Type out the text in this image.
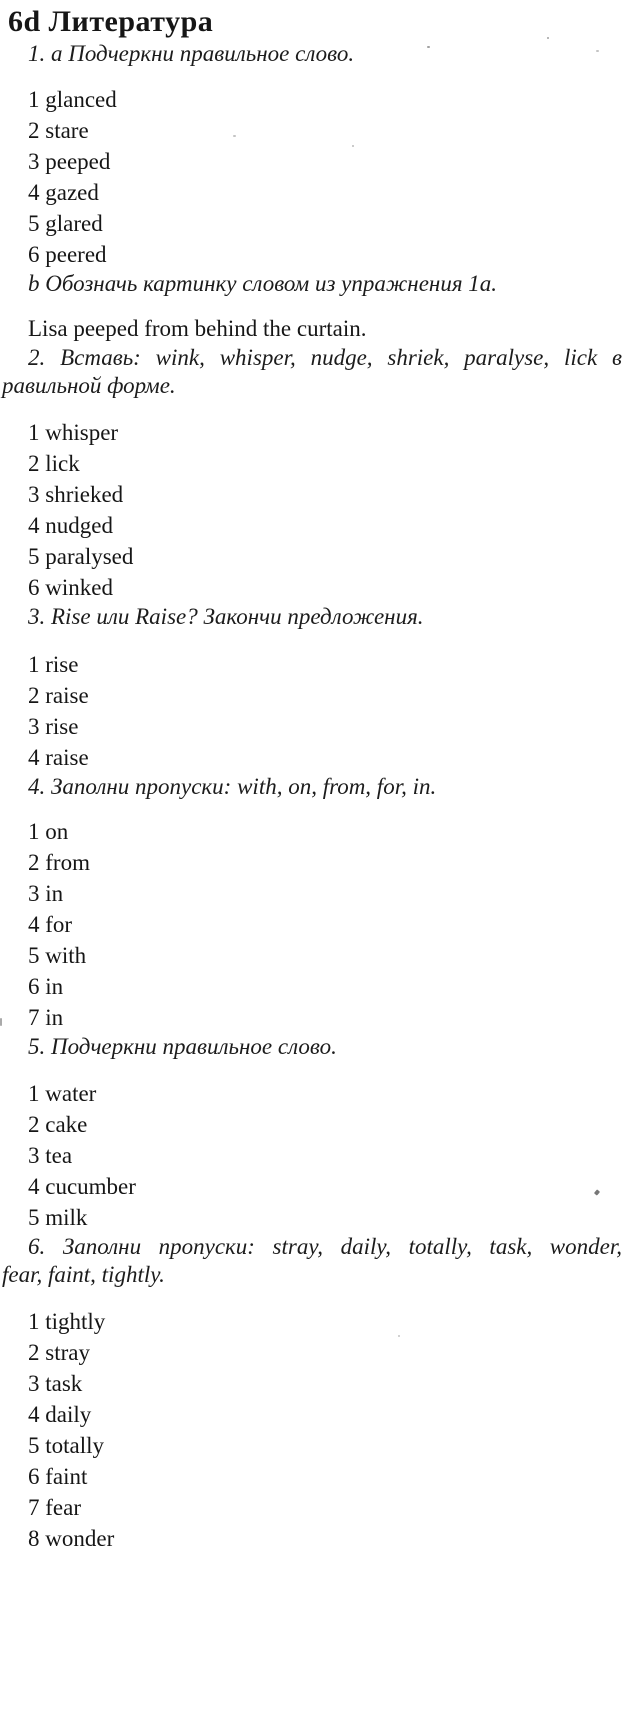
6d Литература

1. а Подчеркни правильное слово.

1 glanced

2 stare

3 peeped

4 gazed

5 glared

6 peered

b Обозначь картинку словом из упражнения 1а.

Lisa peeped from behind the curtain.

2. Вставь: wink, whisper, nudge, shriek, paralyse, lick в

равильной форме.

1 whisper

2 lick

3 shrieked

4 nudged

5 paralysed

6 winked

3. Rise или Raise? Закончи предложения.

1 rise

2 raise

3 rise

4 raise

4. Заполни пропуски: with, on, from, for, in.

1 on

2 from

3 in

4 for

5 with

6 in

7 in

5. Подчеркни правильное слово.

1 water

2 cake

3 tea

4 cucumber

5 milk

6. Заполни пропуски: stray, daily, totally, task, wonder,

fear, faint, tightly.

1 tightly

2 stray

3 task

4 daily

5 totally

6 faint

7 fear

8 wonder
